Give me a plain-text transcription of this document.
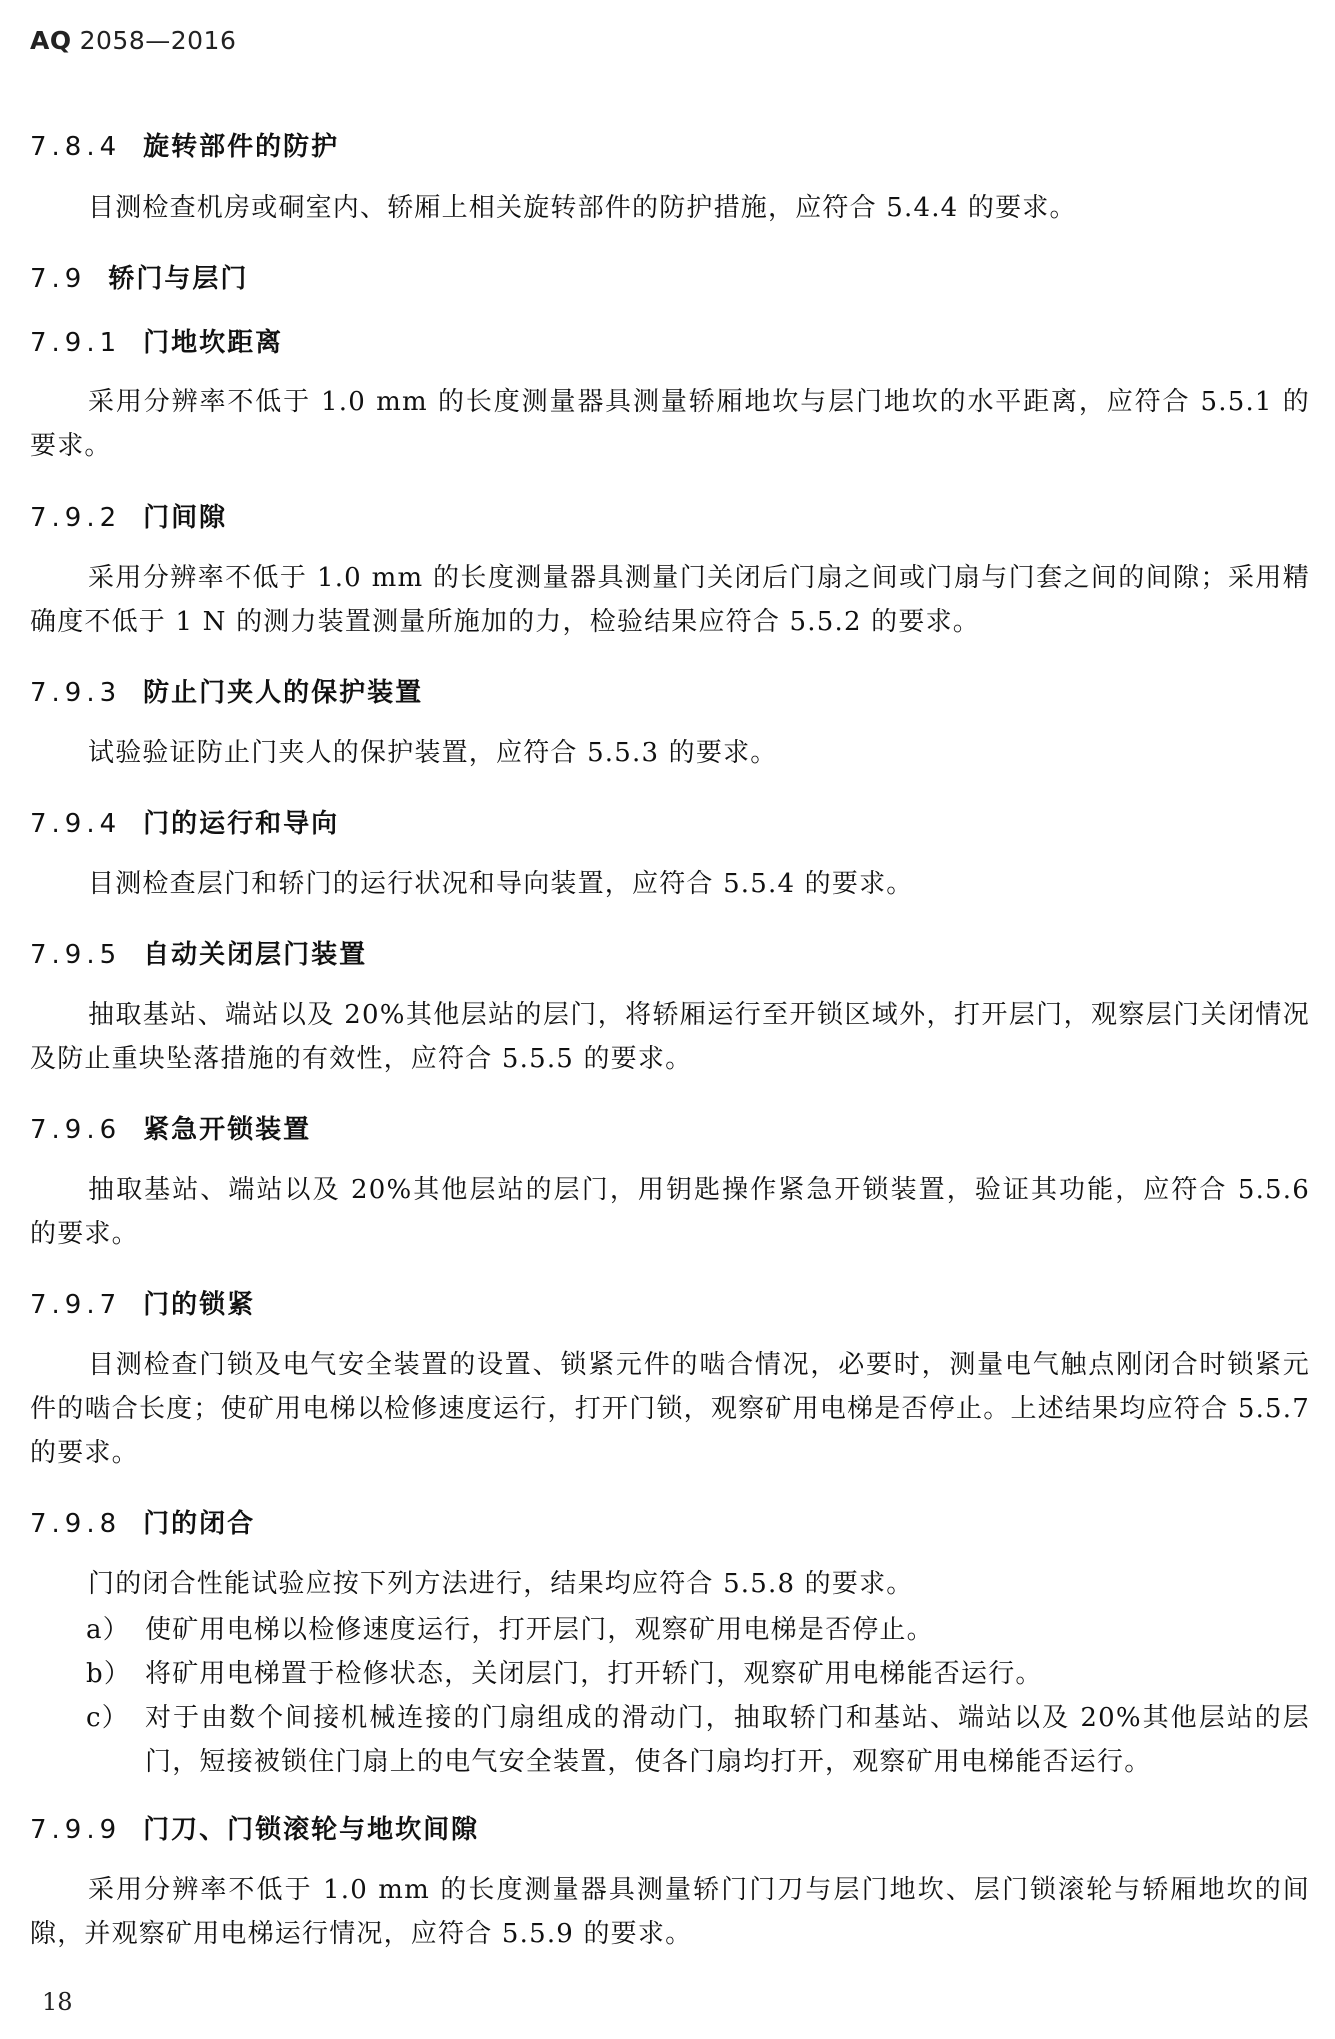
AQ 2058—2016
7.8.4 旋转部件的防护
目测检查机房或硐室内、轿厢上相关旋转部件的防护措施，应符合 5.4.4 的要求。
7.9 轿门与层门
7.9.1 门地坎距离
采用分辨率不低于 1.0 mm 的长度测量器具测量轿厢地坎与层门地坎的水平距离，应符合 5.5.1 的要求。
7.9.2 门间隙
采用分辨率不低于 1.0 mm 的长度测量器具测量门关闭后门扇之间或门扇与门套之间的间隙；采用精确度不低于 1 N 的测力装置测量所施加的力，检验结果应符合 5.5.2 的要求。
7.9.3 防止门夹人的保护装置
试验验证防止门夹人的保护装置，应符合 5.5.3 的要求。
7.9.4 门的运行和导向
目测检查层门和轿门的运行状况和导向装置，应符合 5.5.4 的要求。
7.9.5 自动关闭层门装置
抽取基站、端站以及 20%其他层站的层门，将轿厢运行至开锁区域外，打开层门，观察层门关闭情况及防止重块坠落措施的有效性，应符合 5.5.5 的要求。
7.9.6 紧急开锁装置
抽取基站、端站以及 20%其他层站的层门，用钥匙操作紧急开锁装置，验证其功能，应符合 5.5.6 的要求。
7.9.7 门的锁紧
目测检查门锁及电气安全装置的设置、锁紧元件的啮合情况，必要时，测量电气触点刚闭合时锁紧元件的啮合长度；使矿用电梯以检修速度运行，打开门锁，观察矿用电梯是否停止。上述结果均应符合 5.5.7 的要求。
7.9.8 门的闭合
门的闭合性能试验应按下列方法进行，结果均应符合 5.5.8 的要求。
a） 使矿用电梯以检修速度运行，打开层门，观察矿用电梯是否停止。
b） 将矿用电梯置于检修状态，关闭层门，打开轿门，观察矿用电梯能否运行。
c） 对于由数个间接机械连接的门扇组成的滑动门，抽取轿门和基站、端站以及 20%其他层站的层门，短接被锁住门扇上的电气安全装置，使各门扇均打开，观察矿用电梯能否运行。
7.9.9 门刀、门锁滚轮与地坎间隙
采用分辨率不低于 1.0 mm 的长度测量器具测量轿门门刀与层门地坎、层门锁滚轮与轿厢地坎的间隙，并观察矿用电梯运行情况，应符合 5.5.9 的要求。
18
